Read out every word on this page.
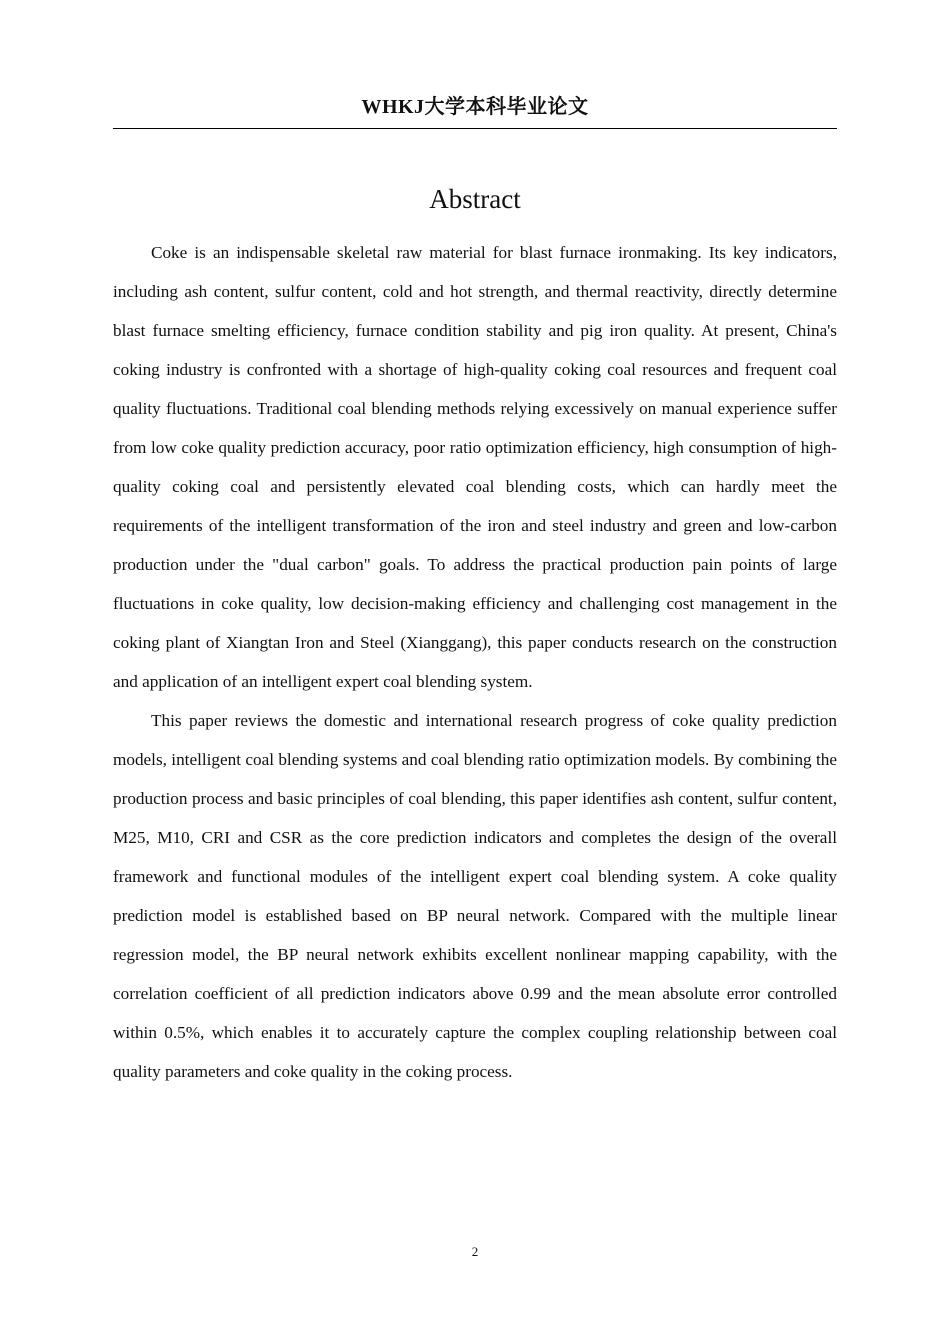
WHKJ大学本科毕业论文
Abstract

Coke is an indispensable skeletal raw material for blast furnace ironmaking. Its key indicators, including ash content, sulfur content, cold and hot strength, and thermal reactivity, directly determine blast furnace smelting efficiency, furnace condition stability and pig iron quality. At present, China's coking industry is confronted with a shortage of high-quality coking coal resources and frequent coal quality fluctuations. Traditional coal blending methods relying excessively on manual experience suffer from low coke quality prediction accuracy, poor ratio optimization efficiency, high consumption of high-quality coking coal and persistently elevated coal blending costs, which can hardly meet the requirements of the intelligent transformation of the iron and steel industry and green and low-carbon production under the "dual carbon" goals. To address the practical production pain points of large fluctuations in coke quality, low decision-making efficiency and challenging cost management in the coking plant of Xiangtan Iron and Steel (Xianggang), this paper conducts research on the construction and application of an intelligent expert coal blending system.

This paper reviews the domestic and international research progress of coke quality prediction models, intelligent coal blending systems and coal blending ratio optimization models. By combining the production process and basic principles of coal blending, this paper identifies ash content, sulfur content, M25, M10, CRI and CSR as the core prediction indicators and completes the design of the overall framework and functional modules of the intelligent expert coal blending system. A coke quality prediction model is established based on BP neural network. Compared with the multiple linear regression model, the BP neural network exhibits excellent nonlinear mapping capability, with the correlation coefficient of all prediction indicators above 0.99 and the mean absolute error controlled within 0.5%, which enables it to accurately capture the complex coupling relationship between coal quality parameters and coke quality in the coking process.

2
